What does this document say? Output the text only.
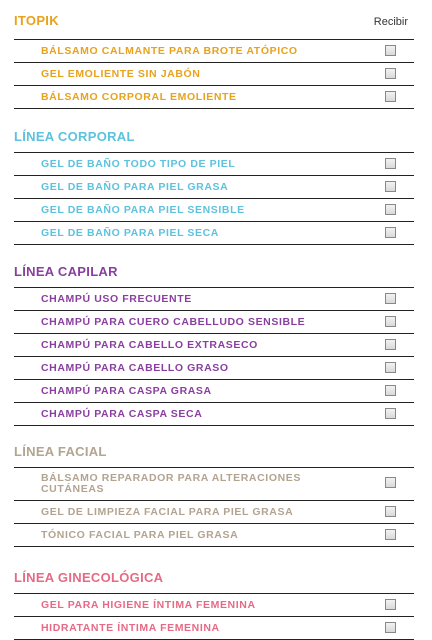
Recibir
ITOPIK
BÁLSAMO CALMANTE PARA BROTE ATÓPICO
GEL EMOLIENTE SIN JABÓN
BÁLSAMO CORPORAL EMOLIENTE
LÍNEA CORPORAL
GEL DE BAÑO TODO TIPO DE PIEL
GEL DE BAÑO PARA PIEL GRASA
GEL DE BAÑO PARA PIEL SENSIBLE
GEL DE BAÑO PARA PIEL SECA
LÍNEA CAPILAR
CHAMPÚ USO FRECUENTE
CHAMPÚ PARA CUERO CABELLUDO SENSIBLE
CHAMPÚ PARA CABELLO EXTRASECO
CHAMPÚ PARA CABELLO GRASO
CHAMPÚ PARA CASPA GRASA
CHAMPÚ PARA CASPA SECA
LÍNEA FACIAL
BÁLSAMO REPARADOR PARA ALTERACIONES CUTÁNEAS
GEL DE LIMPIEZA FACIAL PARA PIEL GRASA
TÓNICO FACIAL PARA PIEL GRASA
LÍNEA GINECOLÓGICA
GEL PARA HIGIENE ÍNTIMA FEMENINA
HIDRATANTE ÍNTIMA FEMENINA
